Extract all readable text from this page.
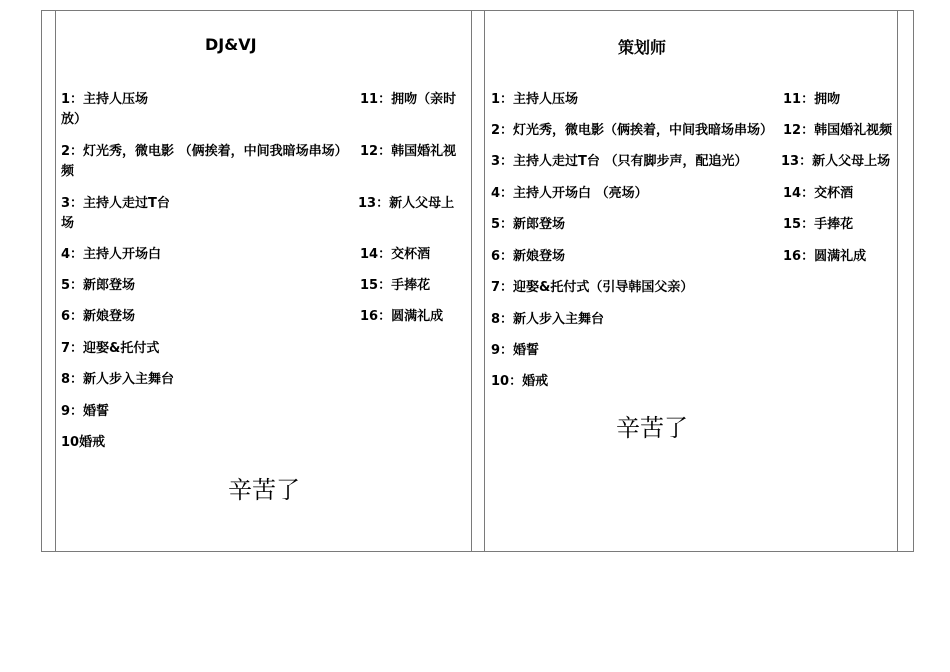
DJ&VJ
1：主持人压场放）
2：灯光秀，微电影 （俩挨着，中间我暗场串场）频
3：主持人走过T台场
4：主持人开场白
5：新郎登场
6：新娘登场
7：迎娶&托付式
8：新人步入主舞台
9：婚誓
10婚戒
11：拥吻（亲时
12：韩国婚礼视
13：新人父母上
14：交杯酒
15：手捧花
16：圆满礼成
辛苦了
策划师
1：主持人压场
2：灯光秀，微电影（俩挨着，中间我暗场串场）
3：主持人走过T台 （只有脚步声，配追光）
4：主持人开场白 （亮场）
5：新郎登场
6：新娘登场
7：迎娶&托付式（引导韩国父亲）
8：新人步入主舞台
9：婚誓
10：婚戒
11：拥吻
12：韩国婚礼视频
13：新人父母上场
14：交杯酒
15：手捧花
16：圆满礼成
辛苦了
